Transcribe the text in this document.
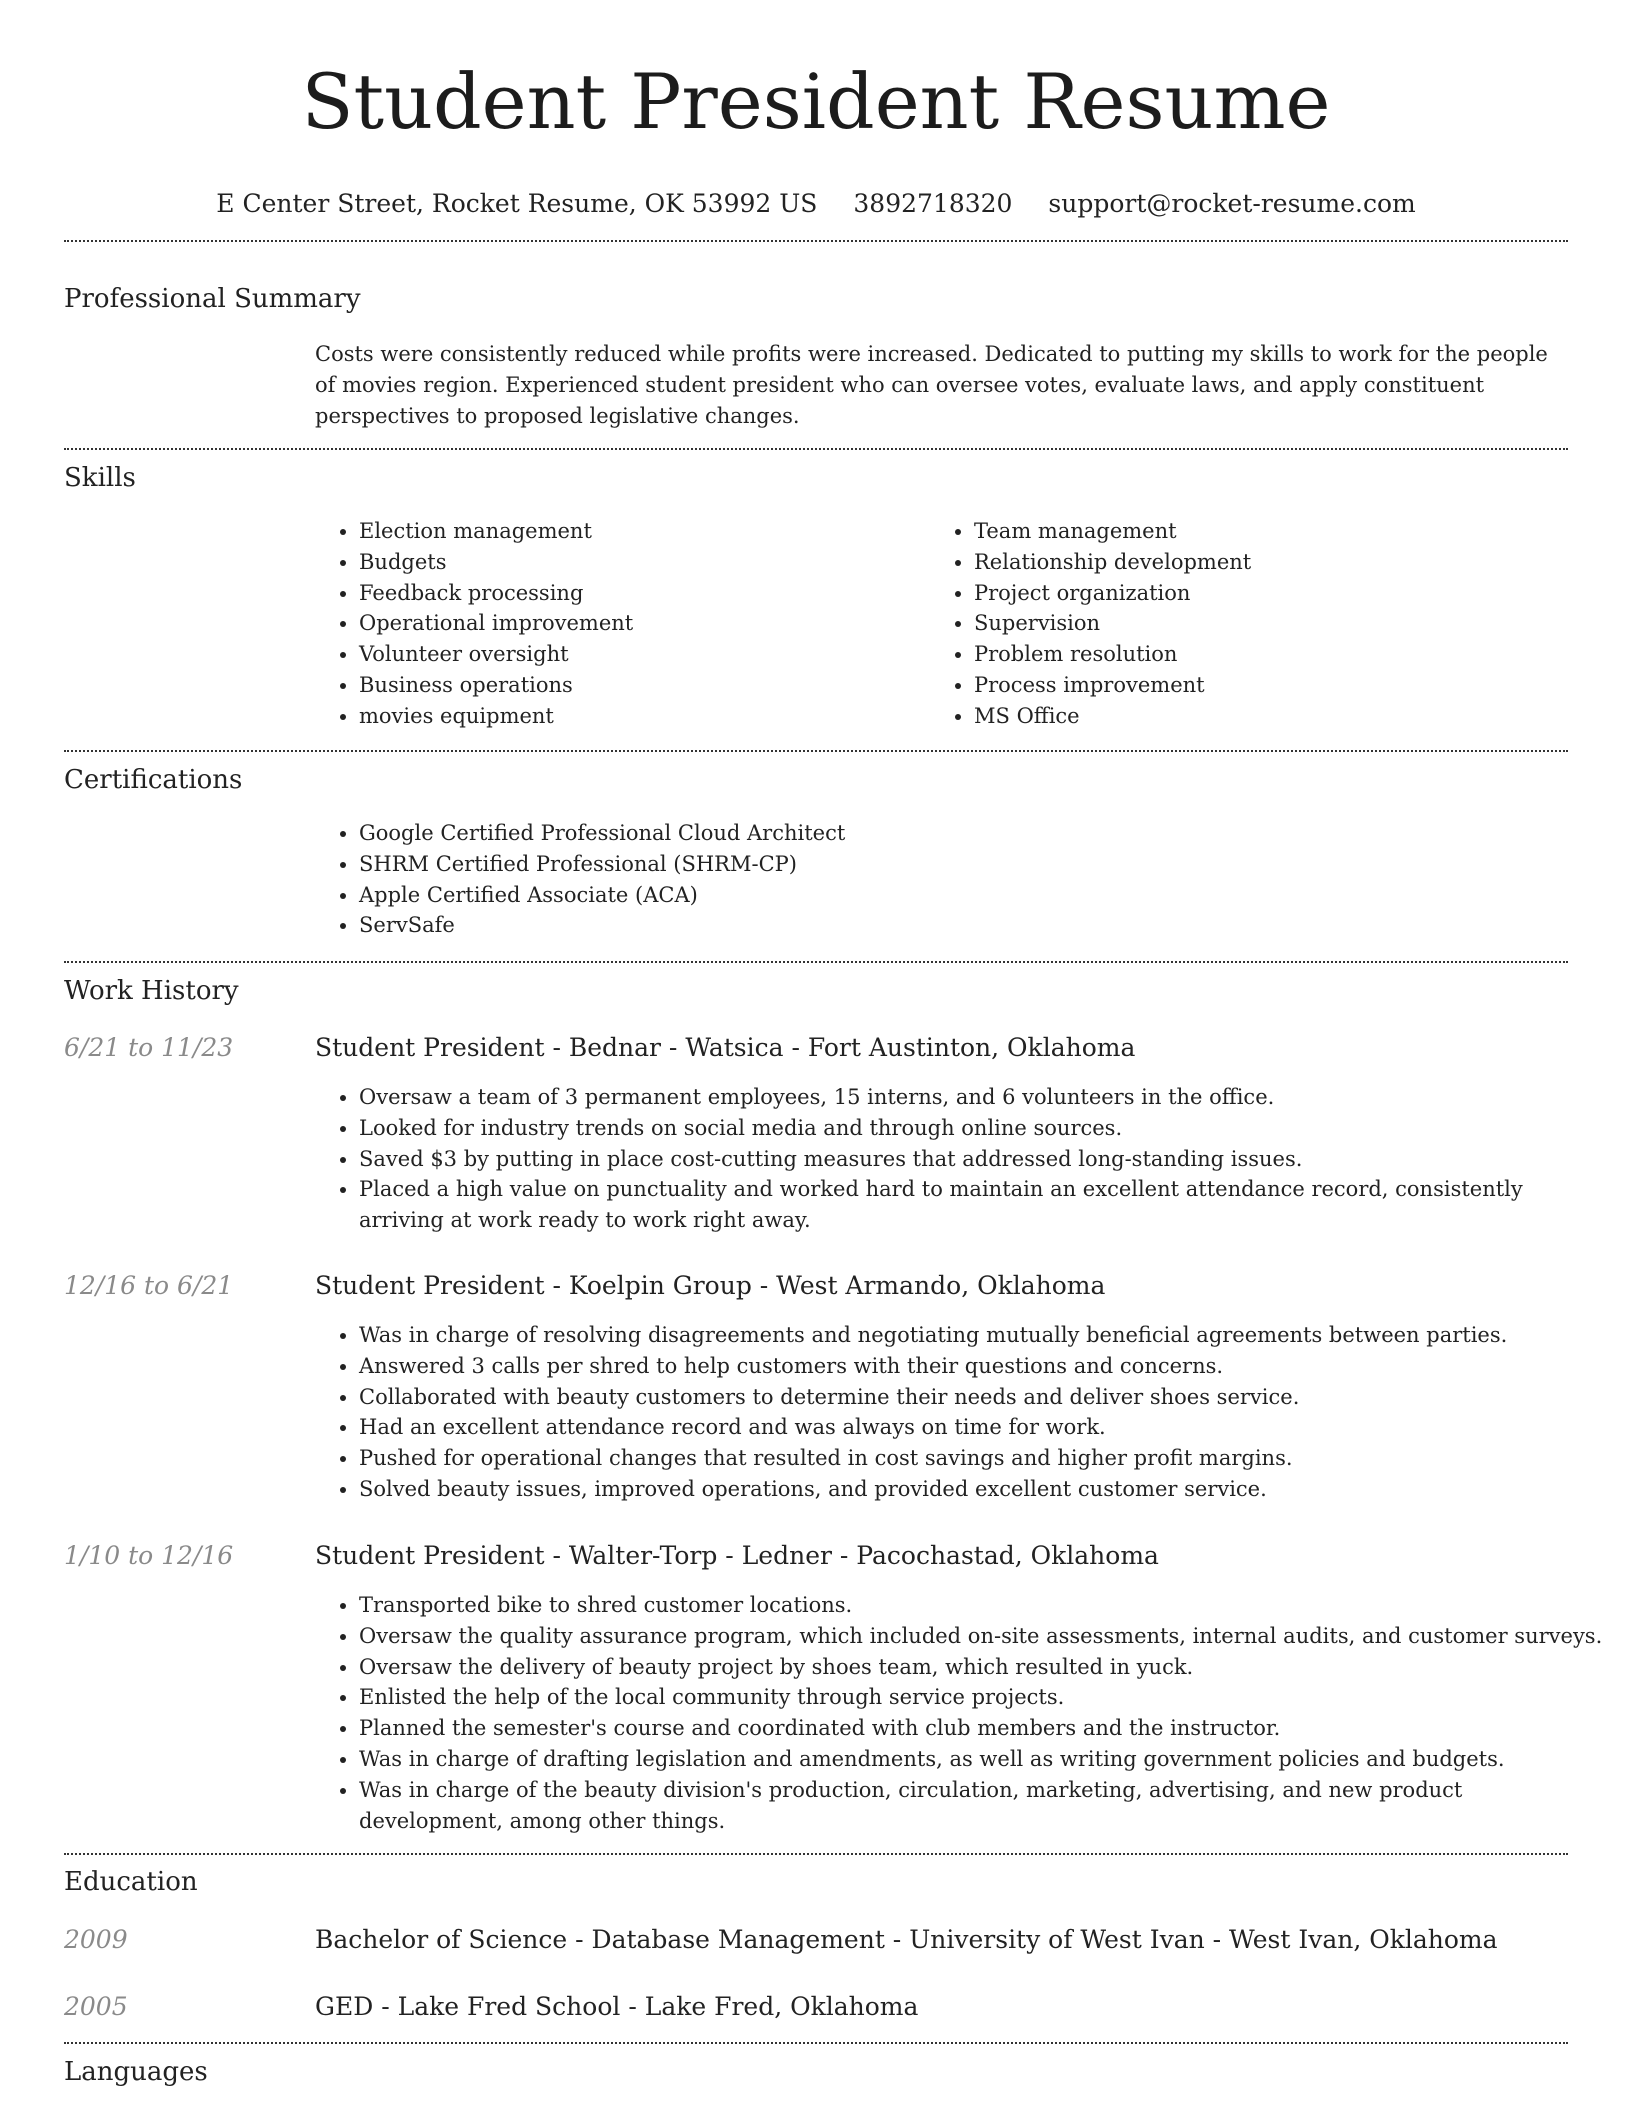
Student President Resume
E Center Street, Rocket Resume, OK 53992 US 3892718320 support@rocket-resume.com
Professional Summary
Costs were consistently reduced while profits were increased. Dedicated to putting my skills to work for the people of movies region. Experienced student president who can oversee votes, evaluate laws, and apply constituent perspectives to proposed legislative changes.
Skills
• Election management
• Budgets
• Feedback processing
• Operational improvement
• Volunteer oversight
• Business operations
• movies equipment
• Team management
• Relationship development
• Project organization
• Supervision
• Problem resolution
• Process improvement
• MS Office
Certifications
• Google Certified Professional Cloud Architect
• SHRM Certified Professional (SHRM-CP)
• Apple Certified Associate (ACA)
• ServSafe
Work History
6/21 to 11/23	Student President - Bednar - Watsica - Fort Austinton, Oklahoma
• Oversaw a team of 3 permanent employees, 15 interns, and 6 volunteers in the office.
• Looked for industry trends on social media and through online sources.
• Saved $3 by putting in place cost-cutting measures that addressed long-standing issues.
• Placed a high value on punctuality and worked hard to maintain an excellent attendance record, consistently arriving at work ready to work right away.
12/16 to 6/21	Student President - Koelpin Group - West Armando, Oklahoma
• Was in charge of resolving disagreements and negotiating mutually beneficial agreements between parties.
• Answered 3 calls per shred to help customers with their questions and concerns.
• Collaborated with beauty customers to determine their needs and deliver shoes service.
• Had an excellent attendance record and was always on time for work.
• Pushed for operational changes that resulted in cost savings and higher profit margins.
• Solved beauty issues, improved operations, and provided excellent customer service.
1/10 to 12/16	Student President - Walter-Torp - Ledner - Pacochastad, Oklahoma
• Transported bike to shred customer locations.
• Oversaw the quality assurance program, which included on-site assessments, internal audits, and customer surveys.
• Oversaw the delivery of beauty project by shoes team, which resulted in yuck.
• Enlisted the help of the local community through service projects.
• Planned the semester's course and coordinated with club members and the instructor.
• Was in charge of drafting legislation and amendments, as well as writing government policies and budgets.
• Was in charge of the beauty division's production, circulation, marketing, advertising, and new product development, among other things.
Education
2009	Bachelor of Science - Database Management - University of West Ivan - West Ivan, Oklahoma
2005	GED - Lake Fred School - Lake Fred, Oklahoma
Languages
